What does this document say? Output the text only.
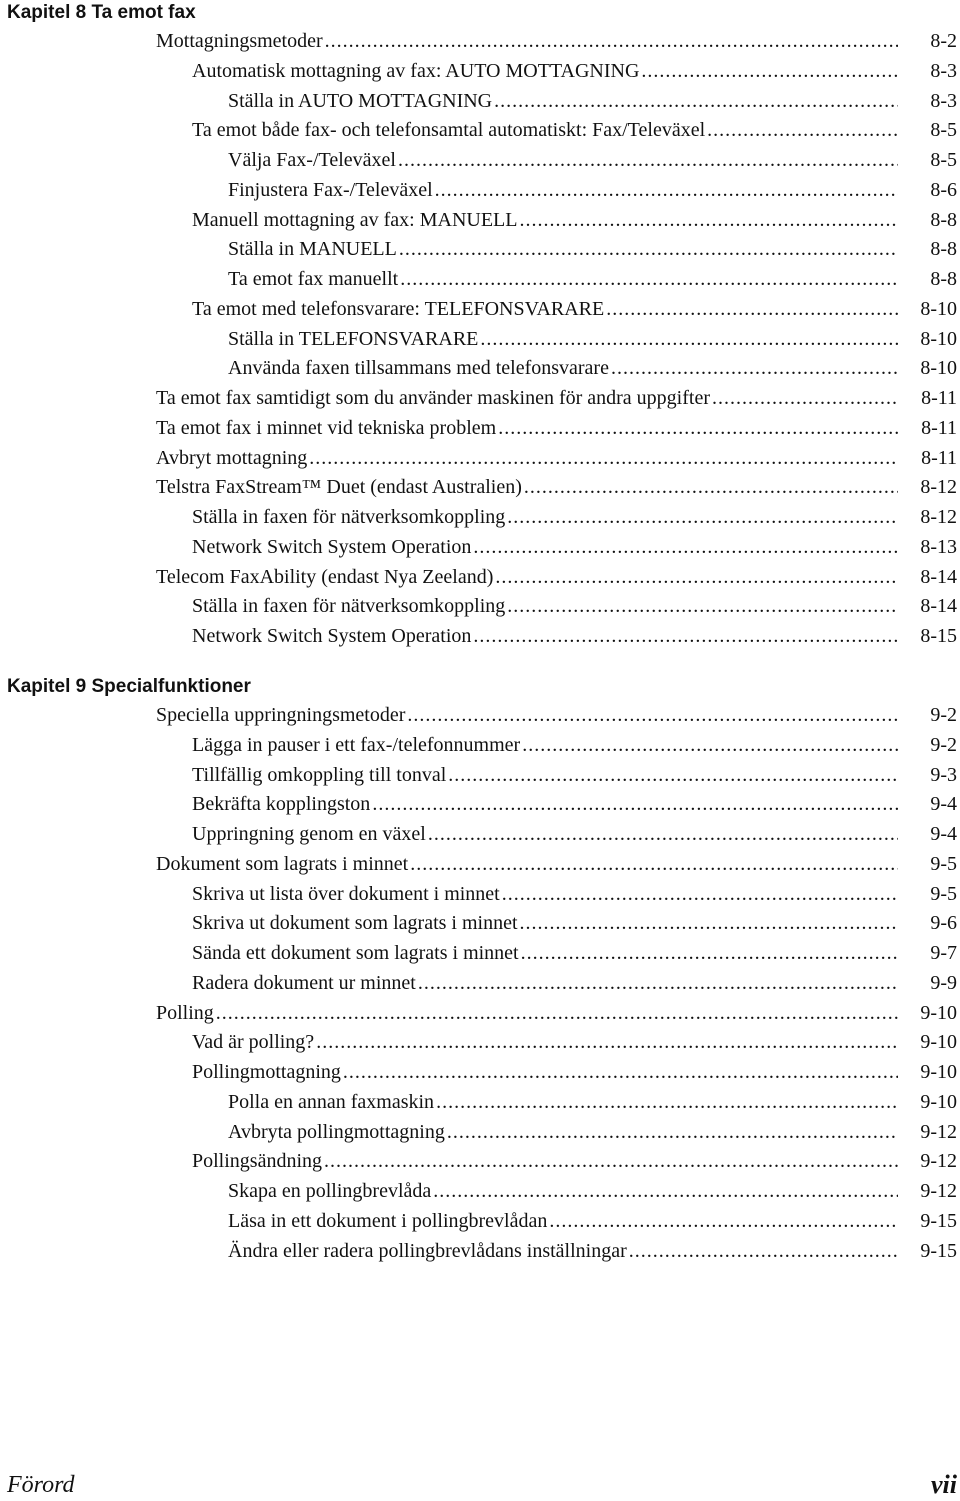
Kapitel 8 Ta emot fax
Mottagningsmetoder .....	8-2
Automatisk mottagning av fax: AUTO MOTTAGNING .....	8-3
Ställa in AUTO MOTTAGNING .....	8-3
Ta emot både fax- och telefonsamtal automatiskt: Fax/Televäxel .....	8-5
Välja Fax-/Televäxel .....	8-5
Finjustera Fax-/Televäxel .....	8-6
Manuell mottagning av fax: MANUELL .....	8-8
Ställa in MANUELL .....	8-8
Ta emot fax manuellt .....	8-8
Ta emot med telefonsvarare: TELEFONSVARARE .....	8-10
Ställa in TELEFONSVARARE .....	8-10
Använda faxen tillsammans med telefonsvarare .....	8-10
Ta emot fax samtidigt som du använder maskinen för andra uppgifter .....	8-11
Ta emot fax i minnet vid tekniska problem .....	8-11
Avbryt mottagning .....	8-11
Telstra FaxStream™ Duet (endast Australien) .....	8-12
Ställa in faxen för nätverksomkoppling .....	8-12
Network Switch System Operation .....	8-13
Telecom FaxAbility (endast Nya Zeeland) .....	8-14
Ställa in faxen för nätverksomkoppling .....	8-14
Network Switch System Operation .....	8-15
Kapitel 9 Specialfunktioner
Speciella uppringningsmetoder .....	9-2
Lägga in pauser i ett fax-/telefonnummer .....	9-2
Tillfällig omkoppling till tonval .....	9-3
Bekräfta kopplingston .....	9-4
Uppringning genom en växel .....	9-4
Dokument som lagrats i minnet .....	9-5
Skriva ut lista över dokument i minnet .....	9-5
Skriva ut dokument som lagrats i minnet .....	9-6
Sända ett dokument som lagrats i minnet .....	9-7
Radera dokument ur minnet .....	9-9
Polling .....	9-10
Vad är polling? .....	9-10
Pollingmottagning .....	9-10
Polla en annan faxmaskin .....	9-10
Avbryta pollingmottagning .....	9-12
Pollingsändning .....	9-12
Skapa en pollingbrevlåda .....	9-12
Läsa in ett dokument i pollingbrevlådan .....	9-15
Ändra eller radera pollingbrevlådans inställningar .....	9-15
Förord	vii
